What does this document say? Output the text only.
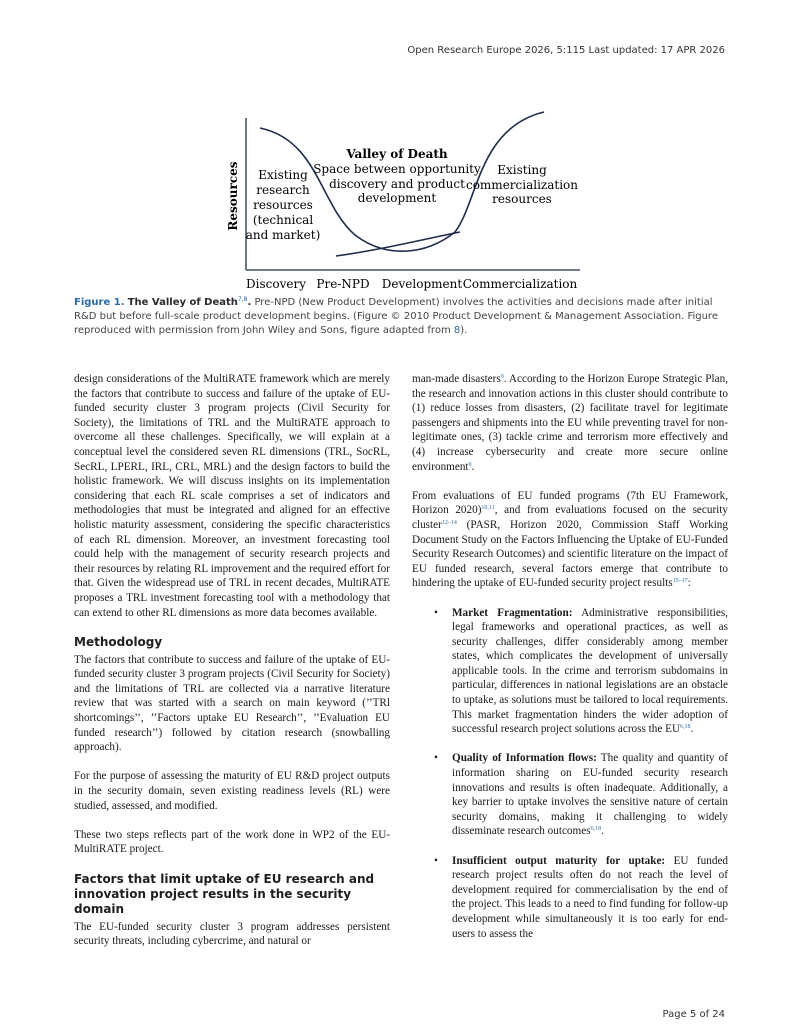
Open Research Europe 2026, 5:115 Last updated: 17 APR 2026
Resources
Discovery Pre-NPD Development Commercialization
Existing
research
resources
(technical
and market)
Valley of Death
Space between opportunity
discovery and product
development
Existing
commercialization
resources
Figure 1. The Valley of Death$^{7,8}$. Pre-NPD (New Product Development) involves the activities and decisions made after initial R&D but before full-scale product development begins. (Figure © 2010 Product Development & Management Association. Figure reproduced with permission from John Wiley and Sons, figure adapted from 8).

design considerations of the MultiRATE framework which are merely the factors that contribute to success and failure of the uptake of EU-funded security cluster 3 program projects (Civil Security for Society), the limitations of TRL and the MultiRATE approach to overcome all these challenges. Specifically, we will explain at a conceptual level the considered seven RL dimensions (TRL, SocRL, SecRL, LPERL, IRL, CRL, MRL) and the design factors to build the holistic framework. We will discuss insights on its implementation considering that each RL scale comprises a set of indicators and methodologies that must be integrated and aligned for an effective holistic maturity assessment, considering the specific characteristics of each RL dimension. Moreover, an investment forecasting tool could help with the management of security research projects and their resources by relating RL improvement and the required effort for that. Given the widespread use of TRL in recent decades, MultiRATE proposes a TRL investment forecasting tool with a methodology that can extend to other RL dimensions as more data becomes available.

Methodology

The factors that contribute to success and failure of the uptake of EU-funded security cluster 3 program projects (Civil Security for Society) and the limitations of TRL are collected via a narrative literature review that was started with a search on main keyword (’’TRl shortcomings’’, ’’Factors uptake EU Research’’, ’’Evaluation EU funded research’’) followed by citation research (snowballing approach).

For the purpose of assessing the maturity of EU R&D project outputs in the security domain, seven existing readiness levels (RL) were studied, assessed, and modified.

These two steps reflects part of the work done in WP2 of the EU-MultiRATE project.

Factors that limit uptake of EU research and innovation project results in the security domain

The EU-funded security cluster 3 program addresses persistent security threats, including cybercrime, and natural or

man-made disasters$^9$. According to the Horizon Europe Strategic Plan, the research and innovation actions in this cluster should contribute to (1) reduce losses from disasters, (2) facilitate travel for legitimate passengers and shipments into the EU while preventing travel for non-legitimate ones, (3) tackle crime and terrorism more effectively and (4) increase cybersecurity and create more secure online environment$^9$.

From evaluations of EU funded programs (7th EU Framework, Horizon 2020)$^{10,11}$, and from evaluations focused on the security cluster$^{12-14}$ (PASR, Horizon 2020, Commission Staff Working Document Study on the Factors Influencing the Uptake of EU-Funded Security Research Outcomes) and scientific literature on the impact of EU funded research, several factors emerge that contribute to hindering the uptake of EU-funded security project results$^{15-17}$:

• Market Fragmentation: Administrative responsibilities, legal frameworks and operational practices, as well as security challenges, differ considerably among member states, which complicates the development of universally applicable tools. In the crime and terrorism subdomains in particular, differences in national legislations are an obstacle to uptake, as solutions must be tailored to local requirements. This market fragmentation hinders the wider adoption of successful research project solutions across the EU$^{6,18}$.
• Quality of Information flows: The quality and quantity of information sharing on EU-funded security research innovations and results is often inadequate. Additionally, a key barrier to uptake involves the sensitive nature of certain security domains, making it challenging to widely disseminate research outcomes$^{6,18}$.
• Insufficient output maturity for uptake: EU funded research project results often do not reach the level of development required for commercialisation by the end of the project. This leads to a need to find funding for follow-up development while simultaneously it is too early for end-users to assess the
Page 5 of 24
